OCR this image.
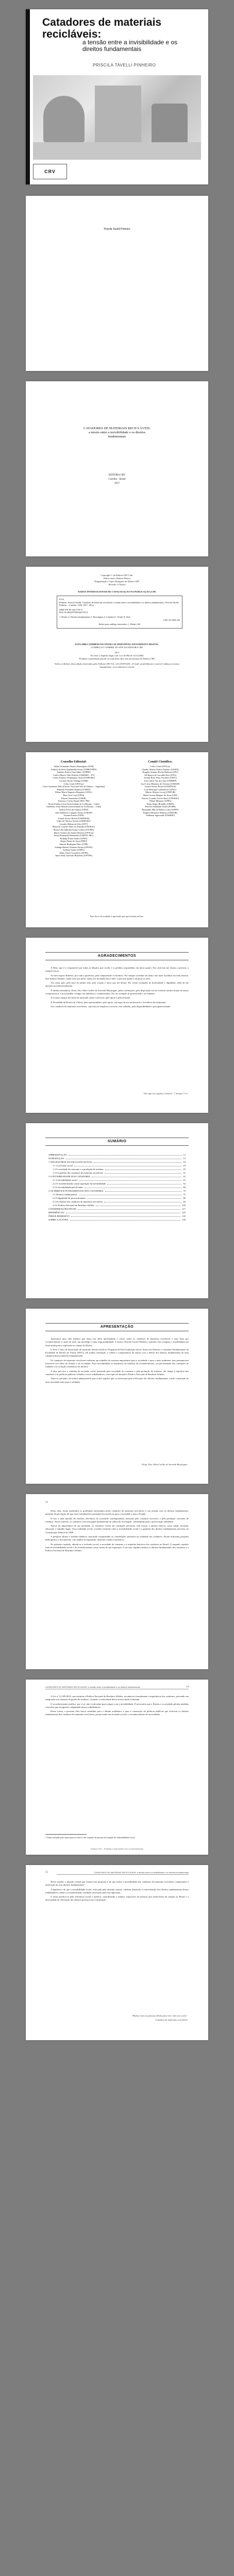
Catadores de materiais recicláveis:
a tensão entre a invisibilidade e os direitos fundamentais
PRISCILA TAVELLI PINHEIRO
CRV
Priscila Tavelli Pinheiro
CATADORES DE MATERIAIS RECICLÁVEIS: a tensão entre a invisibilidade e os direitos fundamentais
EDITORA CRV
Curitiba – Brasil
2017
Copyright © da Editora CRV Ltda.
Editor-chefe: Railson Moura
Diagramação e Capa: Designers da Editora CRV
Revisão: A Autora
DADOS INTERNACIONAIS DE CATALOGAÇÃO NA PUBLICAÇÃO (CIP)
P719
Pinheiro, Priscila Tavelli. Catadores de materiais recicláveis: a tensão entre a invisibilidade e os direitos fundamentais / Priscila Tavelli Pinheiro – Curitiba : CRV, 2017. 140 p.
ISBN 978-85-444-1701-8
DOI 10.24824/978854441701.8
1. Direito 2. Direitos fundamentais 3. Reciclagem 4. Catadores I. Título II. Série
CDU 34 CDD 342
Índice para catálogo sistemático 1. Direito 342
ESTA OBRA TAMBÉM ENCONTRA-SE DISPONÍVEL EM FORMATO DIGITAL.
CONHEÇA E COMPRE NO SITE DA EDITORA CRV
2017
Foi feito o depósito legal conf. Lei 10.994 de 14/12/2004
Proibida a reprodução parcial ou total desta obra sem autorização da Editora CRV
Todos os direitos desta edição reservados pela: Editora CRV Tel.: (41) 3039-6418 – E-mail: sac@editoracrv.com.br Conheça os nossos lançamentos: www.editoracrv.com.br
Conselho Editorial:
Aldira Guimarães Duarte Domínguez (UNB)
Andréia da Silva Quintanilha Sousa (UNIR/UFRN)
Antônio Pereira Gaio Júnior (UFRRJ)
Carlos Alberto Vilar Estêvão (UMINHO – PT)
Carlos Federico Dominguez Avila (UNIEURO)
Carmen Tereza Velanga (UNIR)
Celso Conti (UFSCar)
Cesar Gerónimo Tello (Univer .Nacional Três de Febrero – Argentina)
Eduardo Fernandes Barbosa (UFMG)
Elione Maria Nogueira Diogenes (UFAL)
Élsio José Corá (UFFS)
Elizeu Clementino (UNEB)
Francisco Carlos Duarte (PUC-PR)
Gloria Fariñas León (Universidade de La Havana – Cuba)
Guillermo Arias Beatón (Universidade de La Havana – Cuba)
Jailson Alves dos Santos (UFRJ)
João Adalberto Campato Junior (UNESP)
Josania Portela (UFPI)
Leonel Severo Rocha (UNISINOS)
Lídia de Oliveira Xavier (UNIEURO)
Lourdes Helena da Silva (UFV)
Maria de Lourdes Pinto de Almeida (UNOESC)
Maria Lília Imbiriba Sousa Colares (UFOPA)
Maria Cristina dos Santos Bezerra (UFSCar)
Paulo Romualdo Hernandes (UNIFAL-MG)
Rodrigo Pratte-Santos (UFES)
Sérgio Nunes de Jesus (IFRO)
Simone Rodrigues Pinto (UNB)
Solange Helena Ximenes-Rocha (UFOPA)
Sydione Santos (UEPG)
Tadeu Oliver Gonçalves (UFPA)
Tania Suely Azevedo Brasileiro (UFOPA)
Comitê Científico:
Celso Conti (UFSCar)
Claudio Alberto Franca Pinheiro (UEMA)
Douglas Antonio Rocha Pinheiro (UFG)
Gil Ramos de Carvalho Neto (UFG)
Josiane Rose Petry Veronese (UFSC)
José Carlos Vaz de Lima (UNIMEP)
José Lúcio Monteiro de Oliveira (UNIFAP)
Leonel Severo Rocha (UNISINOS)
Luiz Henrique Cademartori (UFSC)
Márcio Alberto Lecoq (UNIFOR)
Maria Gorete Marques de Jesus (USP)
Narciso Leandro Xavier Baez (UNOESC)
Olindo Menezes (UFPA)
Paulo Sérgio Brandão (UFRN)
Péricles Stehmann Nunes (FURB)
Raimundo Márcio Ribeiro Lima (UFRN)
Rogério Monteiro Barbosa (UNIFOR)
Valdemar Sguissardi (UNIMEP)
Este livro foi avaliado e aprovado por pareceristas ad hoc.
AGRADECIMENTOS

A Deus, que é o responsável por todas as bênçãos que recebi e os pedidos respondidos em meus quatro. Em cada luta me ensina a persistir, a sempre buscar.

Ao meu esposo Roberto, por toda a paciência, pela compreensão e incentivo. Por sempre acreditar em mim e me fazer acreditar em mim mesma. Que mesmo distante, soube estar por perto. Quem fez da minha luta a dele, e para me ajudar a alcançar os seus.

Aos meus pais, pela base da minha vida, pela criação e amor que me deram. Por serem exemplos de honestidade e dignidade, além de me amarem incondicionalmente.

À minha orientadora, Profa. Dra. Elda Coelho de Azevedo Bussinguer, pelas orientações, pela disposição em me orientar mesmo diante de tantos compromissos, e por partilhar comigo sua sabedoria e conhecimento. Por ser exemplo de profissional e ser humano.

Aos meus amigos da turma de mestrado, pelas conversas, pelo apoio e pela amizade.

À Faculdade de Direito de Vitória, pela oportunidade e pelo apoio, em especial aos professores e servidores da instituição.

Aos catadores de materiais recicláveis, cuja luta me inspirou a escrever este trabalho, pela disponibilidade e pela generosidade.

"Até aqui nos ajudou o Senhor." 1 Samuel 7:12
SUMÁRIO
APRESENTAÇÃO	11
INTRODUÇÃO	13
1 NOS RASTROS DA EXCLUSÃO SOCIAL	19
1.1 A exclusão social	19
1.2 A sociedade do consumo e a produção de resíduos	25
1.3 A trajetória dos catadores de materiais recicláveis	31
2 A INVISIBILIDADE DOS CATADORES	41
2.1 A invisibilidade social	41
2.2 O reconhecimento como superação da invisibilidade	52
2.3 A invisibilidade pelo Estado	60
3 OS DIREITOS FUNDAMENTAIS DOS CATADORES	75
3.1 Direitos fundamentais	75
3.2 A dignidade da pessoa humana	86
3.3 Os direitos dos catadores de materiais recicláveis	94
3.4 A Política Nacional de Resíduos Sólidos	105
CONSIDERAÇÕES FINAIS	117
REFERÊNCIAS	125
ÍNDICE REMISSIVO	135
SOBRE A AUTORA	139
APRESENTAÇÃO

Apresentar uma obra jurídica que lança um olhar aprofundado e crítico sobre os catadores de materiais recicláveis e suas lutas por reconhecimento é, antes de tudo, um privilégio e uma responsabilidade. A autora, Priscila Tavelli Pinheiro, enfrenta com coragem e sensibilidade um tema ainda pouco explorado no campo do Direito.

O livro é fruto de dissertação de mestrado desenvolvida no Programa de Pós-Graduação Stricto Sensu em Direitos e Garantias Fundamentais da Faculdade de Direito de Vitória (FDV), sob minha orientação, e reflete o compromisso da autora com a defesa dos direitos fundamentais de uma categoria historicamente marginalizada.

Os catadores de materiais recicláveis realizam um trabalho de extrema importância para a sociedade e para o meio ambiente, mas permanecem invisíveis aos olhos do Estado e da sociedade. Essa invisibilidade se manifesta na ausência de reconhecimento, na precariedade das condições de trabalho e na violação sistemática de direitos.

A obra percorre o caminho da exclusão social, passando pela sociedade do consumo e pela produção de resíduos, até chegar à trajetória dos catadores e às políticas públicas voltadas a esses trabalhadores, com especial atenção à Política Nacional de Resíduos Sólidos.

Trata-se, portanto, de leitura indispensável para todos aqueles que se interessam pela efetivação dos direitos fundamentais e pela construção de uma sociedade mais justa e solidária.

Profa. Dra. Elda Coelho de Azevedo Bussinguer
13

Nesta obra, foram analisados os problemas enfrentados pelos catadores de materiais recicláveis e sua relação com os direitos fundamentais, partindo da percepção de que esses trabalhadores permanecem invisíveis para a sociedade e para o Estado.

O lixo é uma questão de extrema relevância na sociedade contemporânea, marcada pelo consumo excessivo e pela produção crescente de resíduos. Nesse contexto, os catadores exercem papel fundamental na cadeia da reciclagem, contribuindo para a preservação ambiental.

Apesar da importância de sua atividade, os catadores vivem em condições precárias, sem acesso a direitos básicos como saúde, moradia, educação e trabalho digno. Essa realidade revela a tensão existente entre a invisibilidade social e a garantia dos direitos fundamentais previstos na Constituição Federal de 1988.

A pesquisa adotou o método dialético, buscando compreender as contradições presentes na realidade dos catadores. Foram utilizadas pesquisa bibliográfica e documental, com análise de legislação, doutrina e dados estatísticos.

No primeiro capítulo, aborda-se a exclusão social, a sociedade do consumo e a trajetória histórica dos catadores no Brasil. O segundo capítulo trata da invisibilidade social e do reconhecimento como forma de sua superação. O terceiro capítulo analisa os direitos fundamentais dos catadores e a Política Nacional de Resíduos Sólidos.

CATADORES DE MATERIAIS RECICLÁVEIS: a tensão entre a invisibilidade e os direitos fundamentais	14

A Lei nº 12.305/2010, que instituiu a Política Nacional de Resíduos Sólidos, reconheceu formalmente a importância dos catadores, prevendo sua integração nos sistemas de gestão de resíduos. Contudo, a efetividade dessa norma ainda é limitada.

O reconhecimento jurídico, por si só, não é suficiente para romper com a invisibilidade. É necessário que o Estado e a sociedade adotem medidas concretas que assegurem a dignidade desses trabalhadores.

Dessa forma, a presente obra busca contribuir para o debate acadêmico e para a construção de políticas públicas que efetivem os direitos fundamentais dos catadores de materiais recicláveis, promovendo sua inclusão social e o reconhecimento de seu trabalho.

1 Termo utilizado pela autora para se referir a um conjunto de pessoas em situação de vulnerabilidade social.
Editora CRV - Proibida a impressão e/ou comercialização
15	CATADORES DE MATERIAIS RECICLÁVEIS: a tensão entre a invisibilidade e os direitos fundamentais

Nesse sentido, a questão central que orienta esta pesquisa é: de que forma a invisibilidade dos catadores de materiais recicláveis compromete a efetivação de seus direitos fundamentais?

A hipótese é de que a invisibilidade social, reforçada pela omissão estatal, constitui obstáculo à concretização dos direitos fundamentais desses trabalhadores, sendo o reconhecimento condição necessária para sua superação.

O tema justifica-se pela relevância social e jurídica, considerando o número expressivo de pessoas que sobrevivem da catação no Brasil e a necessidade de efetivação dos direitos previstos na Constituição.

"Muitas vezes as pessoas olham para nós e não nos veem."
Catadora de materiais recicláveis
